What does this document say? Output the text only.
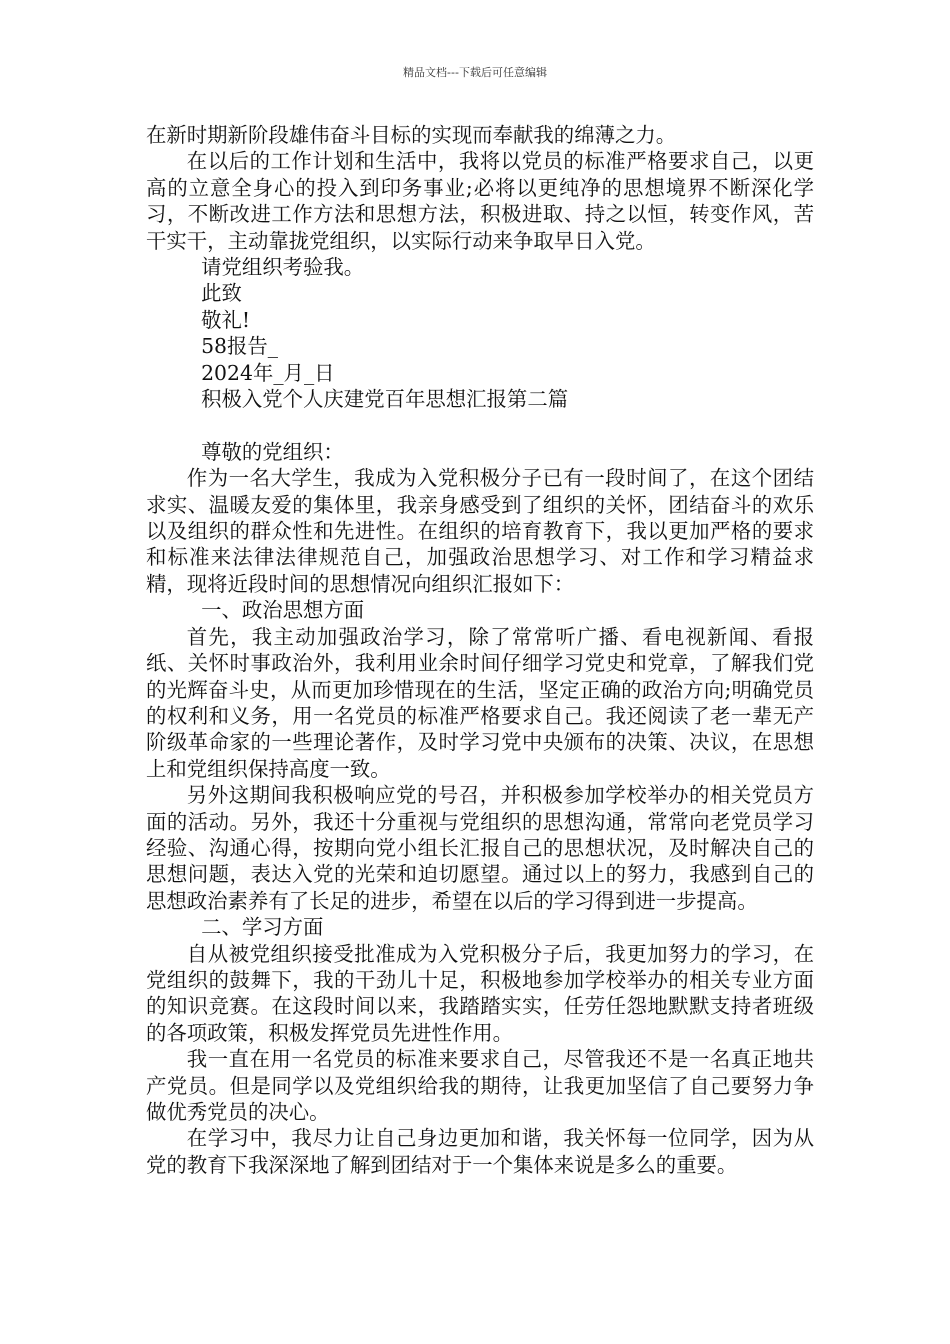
精品文档---下载后可任意编辑

在新时期新阶段雄伟奋斗目标的实现而奉献我的绵薄之力。

在以后的工作计划和生活中，我将以党员的标准严格要求自己，以更高的立意全身心的投入到印务事业;必将以更纯净的思想境界不断深化学习，不断改进工作方法和思想方法，积极进取、持之以恒，转变作风，苦干实干，主动靠拢党组织，以实际行动来争取早日入党。

请党组织考验我。

此致

敬礼!

58报告_

2024年_月_日

积极入党个人庆建党百年思想汇报第二篇

尊敬的党组织：

作为一名大学生，我成为入党积极分子已有一段时间了，在这个团结求实、温暖友爱的集体里，我亲身感受到了组织的关怀，团结奋斗的欢乐以及组织的群众性和先进性。在组织的培育教育下，我以更加严格的要求和标准来法律法律规范自己，加强政治思想学习、对工作和学习精益求精，现将近段时间的思想情况向组织汇报如下：

一、政治思想方面

首先，我主动加强政治学习，除了常常听广播、看电视新闻、看报纸、关怀时事政治外，我利用业余时间仔细学习党史和党章，了解我们党的光辉奋斗史，从而更加珍惜现在的生活，坚定正确的政治方向;明确党员的权利和义务，用一名党员的标准严格要求自己。我还阅读了老一辈无产阶级革命家的一些理论著作，及时学习党中央颁布的决策、决议，在思想上和党组织保持高度一致。

另外这期间我积极响应党的号召，并积极参加学校举办的相关党员方面的活动。另外，我还十分重视与党组织的思想沟通，常常向老党员学习经验、沟通心得，按期向党小组长汇报自己的思想状况，及时解决自己的思想问题，表达入党的光荣和迫切愿望。通过以上的努力，我感到自己的思想政治素养有了长足的进步，希望在以后的学习得到进一步提高。

二、学习方面

自从被党组织接受批准成为入党积极分子后，我更加努力的学习，在党组织的鼓舞下，我的干劲儿十足，积极地参加学校举办的相关专业方面的知识竞赛。在这段时间以来，我踏踏实实，任劳任怨地默默支持者班级的各项政策，积极发挥党员先进性作用。

我一直在用一名党员的标准来要求自己，尽管我还不是一名真正地共产党员。但是同学以及党组织给我的期待，让我更加坚信了自己要努力争做优秀党员的决心。

在学习中，我尽力让自己身边更加和谐，我关怀每一位同学，因为从党的教育下我深深地了解到团结对于一个集体来说是多么的重要。
